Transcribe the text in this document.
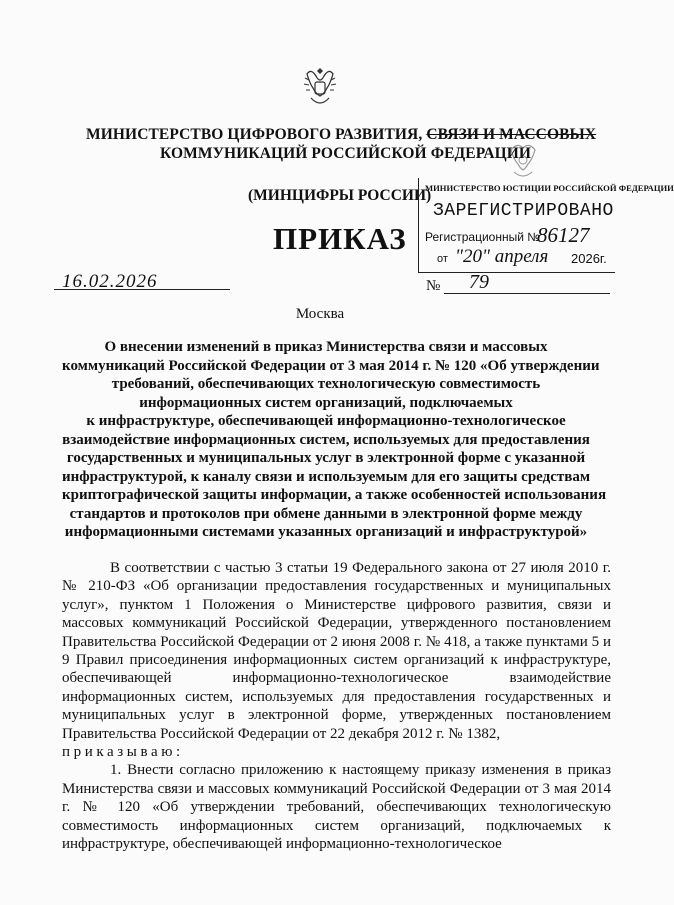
МИНИСТЕРСТВО ЦИФРОВОГО РАЗВИТИЯ, СВЯЗИ И МАССОВЫХ
КОММУНИКАЦИЙ РОССИЙСКОЙ ФЕДЕРАЦИИ
(МИНЦИФРЫ РОССИИ)
ПРИКАЗ
МИНИСТЕРСТВО ЮСТИЦИИ РОССИЙСКОЙ ФЕДЕРАЦИИ
ЗАРЕГИСТРИРОВАНО
Регистрационный №
86127
от "20" апреля 2026г.
16.02.2026	№ 79
Москва
О внесении изменений в приказ Министерства связи и массовых
коммуникаций Российской Федерации от 3 мая 2014 г. № 120 «Об утверждении
требований, обеспечивающих технологическую совместимость
информационных систем организаций, подключаемых
к инфраструктуре, обеспечивающей информационно-технологическое
взаимодействие информационных систем, используемых для предоставления
государственных и муниципальных услуг в электронной форме с указанной
инфраструктурой, к каналу связи и используемым для его защиты средствам
криптографической защиты информации, а также особенностей использования
стандартов и протоколов при обмене данными в электронной форме между
информационными системами указанных организаций и инфраструктурой»

В соответствии с частью 3 статьи 19 Федерального закона от 27 июля 2010 г. № 210-ФЗ «Об организации предоставления государственных и муниципальных услуг», пунктом 1 Положения о Министерстве цифрового развития, связи и массовых коммуникаций Российской Федерации, утвержденного постановлением Правительства Российской Федерации от 2 июня 2008 г. № 418, а также пунктами 5 и 9 Правил присоединения информационных систем организаций к инфраструктуре, обеспечивающей информационно-технологическое взаимодействие информационных систем, используемых для предоставления государственных и муниципальных услуг в электронной форме, утвержденных постановлением Правительства Российской Федерации от 22 декабря 2012 г. № 1382,
приказываю:

1. Внести согласно приложению к настоящему приказу изменения в приказ Министерства связи и массовых коммуникаций Российской Федерации от 3 мая 2014 г. № 120 «Об утверждении требований, обеспечивающих технологическую совместимость информационных систем организаций, подключаемых к инфраструктуре, обеспечивающей информационно-технологическое
